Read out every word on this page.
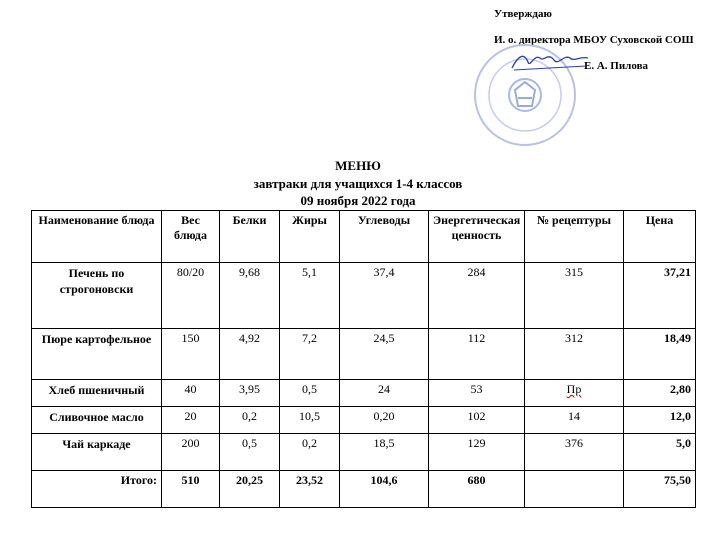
Утверждаю
И. о. директора МБОУ Суховской СОШ
Е. А. Пилова
МЕНЮ
завтраки для учащихся 1-4 классов
09 ноября 2022 года
Наименование блюда	Вес блюда	Белки	Жиры	Углеводы	Энергетическая ценность	№ рецептуры	Цена
Печень по строгоновски	80/20	9,68	5,1	37,4	284	315	37,21
Пюре картофельное	150	4,92	7,2	24,5	112	312	18,49
Хлеб пшеничный	40	3,95	0,5	24	53	Пр	2,80
Сливочное масло	20	0,2	10,5	0,20	102	14	12,0
Чай каркаде	200	0,5	0,2	18,5	129	376	5,0
Итого:	510	20,25	23,52	104,6	680		75,50
